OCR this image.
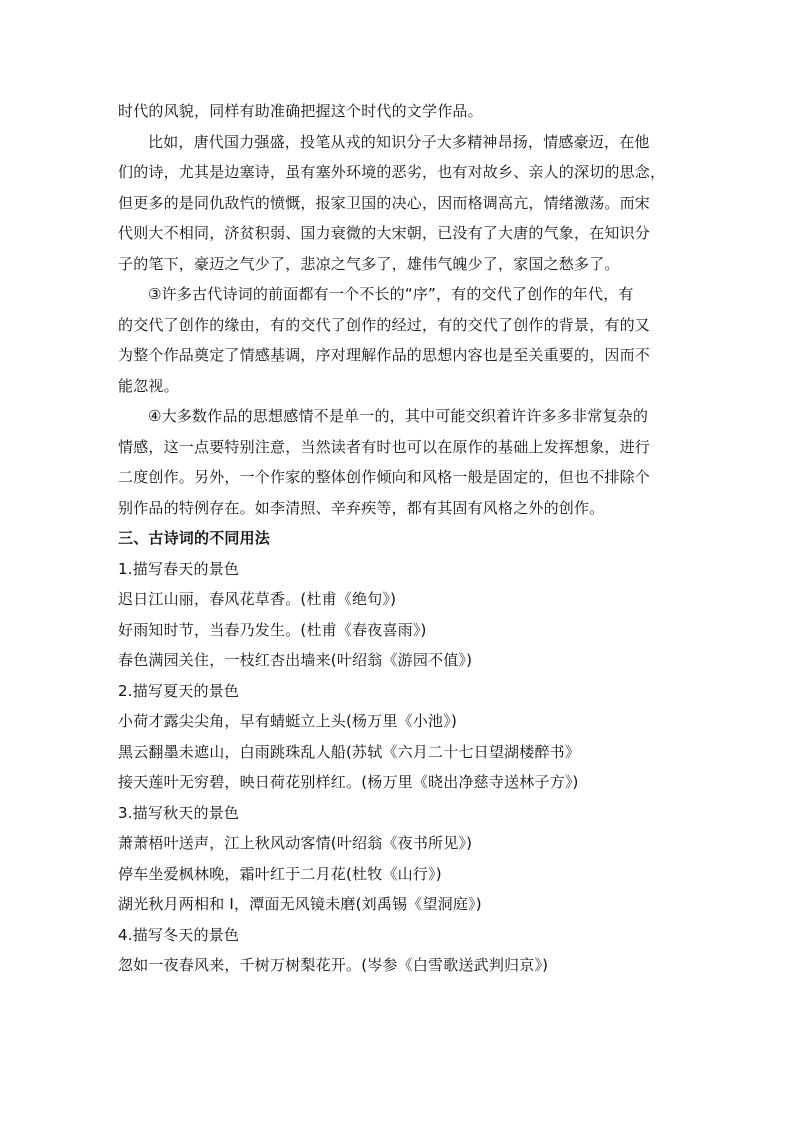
时代的风貌，同样有助准确把握这个时代的文学作品。
比如，唐代国力强盛，投笔从戎的知识分子大多精神昂扬，情感豪迈，在他
们的诗，尤其是边塞诗，虽有塞外环境的恶劣，也有对故乡、亲人的深切的思念，
但更多的是同仇敌忾的愤慨，报家卫国的决心，因而格调高亢，情绪激荡。而宋
代则大不相同，济贫积弱、国力衰微的大宋朝，已没有了大唐的气象，在知识分
子的笔下，豪迈之气少了，悲凉之气多了，雄伟气魄少了，家国之愁多了。
③许多古代诗词的前面都有一个不长的“序”，有的交代了创作的年代，有
的交代了创作的缘由，有的交代了创作的经过，有的交代了创作的背景，有的又
为整个作品奠定了情感基调，序对理解作品的思想内容也是至关重要的，因而不
能忽视。
④大多数作品的思想感情不是单一的，其中可能交织着许许多多非常复杂的
情感，这一点要特别注意，当然读者有时也可以在原作的基础上发挥想象，进行
二度创作。另外，一个作家的整体创作倾向和风格一般是固定的，但也不排除个
别作品的特例存在。如李清照、辛弃疾等，都有其固有风格之外的创作。
三、古诗词的不同用法
1.描写春天的景色
迟日江山丽，春风花草香。(杜甫《绝句》)
好雨知时节，当春乃发生。(杜甫《春夜喜雨》)
春色满园关住，一枝红杏出墙来(叶绍翁《游园不值》)
2.描写夏天的景色
小荷才露尖尖角，早有蜻蜓立上头(杨万里《小池》)
黑云翻墨未遮山，白雨跳珠乱人船(苏轼《六月二十七日望湖楼醉书》
接天莲叶无穷碧，映日荷花别样红。(杨万里《晓出净慈寺送林子方》)
3.描写秋天的景色
萧萧梧叶送声，江上秋风动客情(叶绍翁《夜书所见》)
停车坐爱枫林晚，霜叶红于二月花(杜牧《山行》)
湖光秋月两相和 I，潭面无风镜未磨(刘禹锡《望洞庭》)
4.描写冬天的景色
忽如一夜春风来，千树万树梨花开。(岑参《白雪歌送武判归京》)
